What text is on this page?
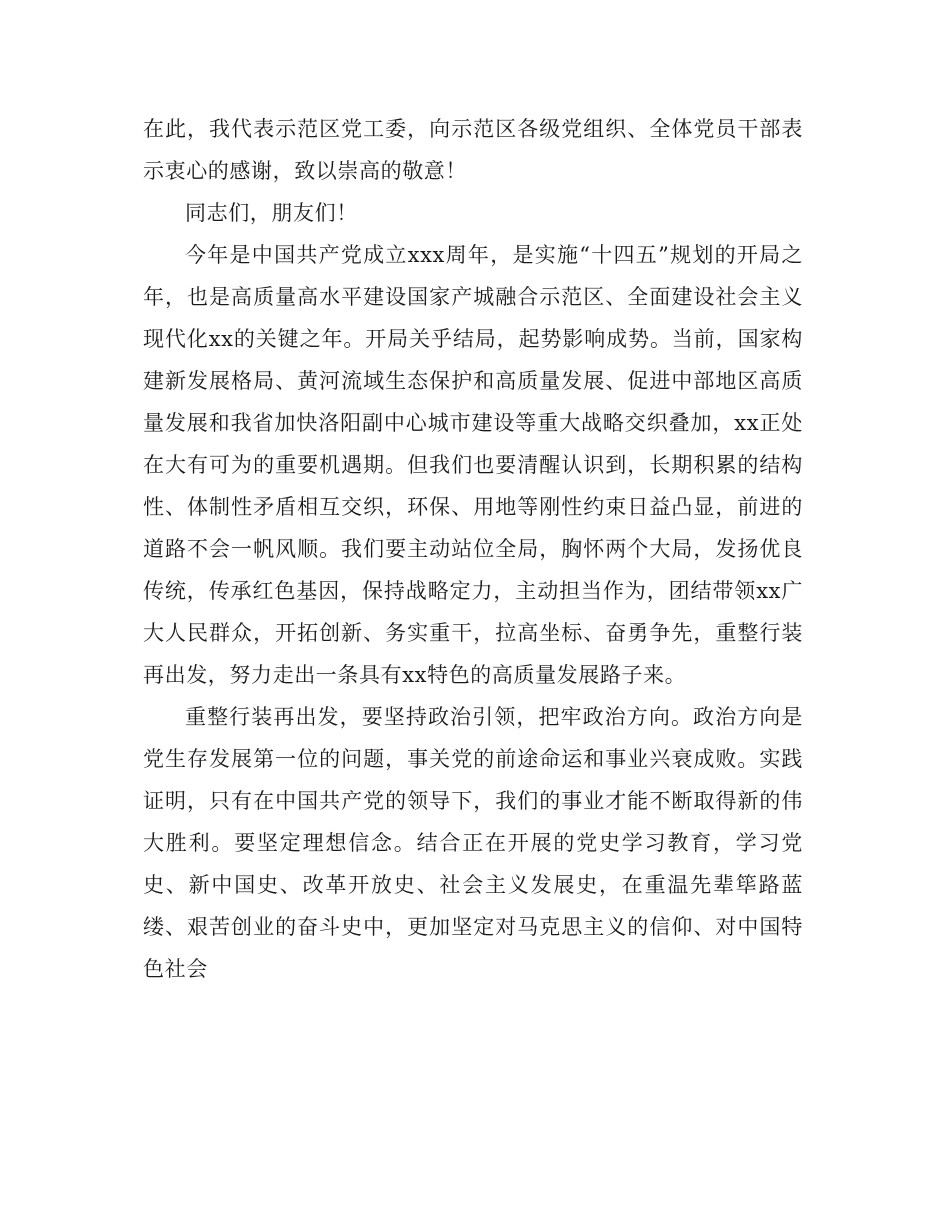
在此，我代表示范区党工委，向示范区各级党组织、全体党员干部表示衷心的感谢，致以崇高的敬意！

同志们，朋友们！

今年是中国共产党成立xxx周年，是实施“十四五”规划的开局之年，也是高质量高水平建设国家产城融合示范区、全面建设社会主义现代化xx的关键之年。开局关乎结局，起势影响成势。当前，国家构建新发展格局、黄河流域生态保护和高质量发展、促进中部地区高质量发展和我省加快洛阳副中心城市建设等重大战略交织叠加，xx正处在大有可为的重要机遇期。但我们也要清醒认识到，长期积累的结构性、体制性矛盾相互交织，环保、用地等刚性约束日益凸显，前进的道路不会一帆风顺。我们要主动站位全局，胸怀两个大局，发扬优良传统，传承红色基因，保持战略定力，主动担当作为，团结带领xx广大人民群众，开拓创新、务实重干，拉高坐标、奋勇争先，重整行装再出发，努力走出一条具有xx特色的高质量发展路子来。

重整行装再出发，要坚持政治引领，把牢政治方向。政治方向是党生存发展第一位的问题，事关党的前途命运和事业兴衰成败。实践证明，只有在中国共产党的领导下，我们的事业才能不断取得新的伟大胜利。要坚定理想信念。结合正在开展的党史学习教育，学习党史、新中国史、改革开放史、社会主义发展史，在重温先辈筚路蓝缕、艰苦创业的奋斗史中，更加坚定对马克思主义的信仰、对中国特色社会
